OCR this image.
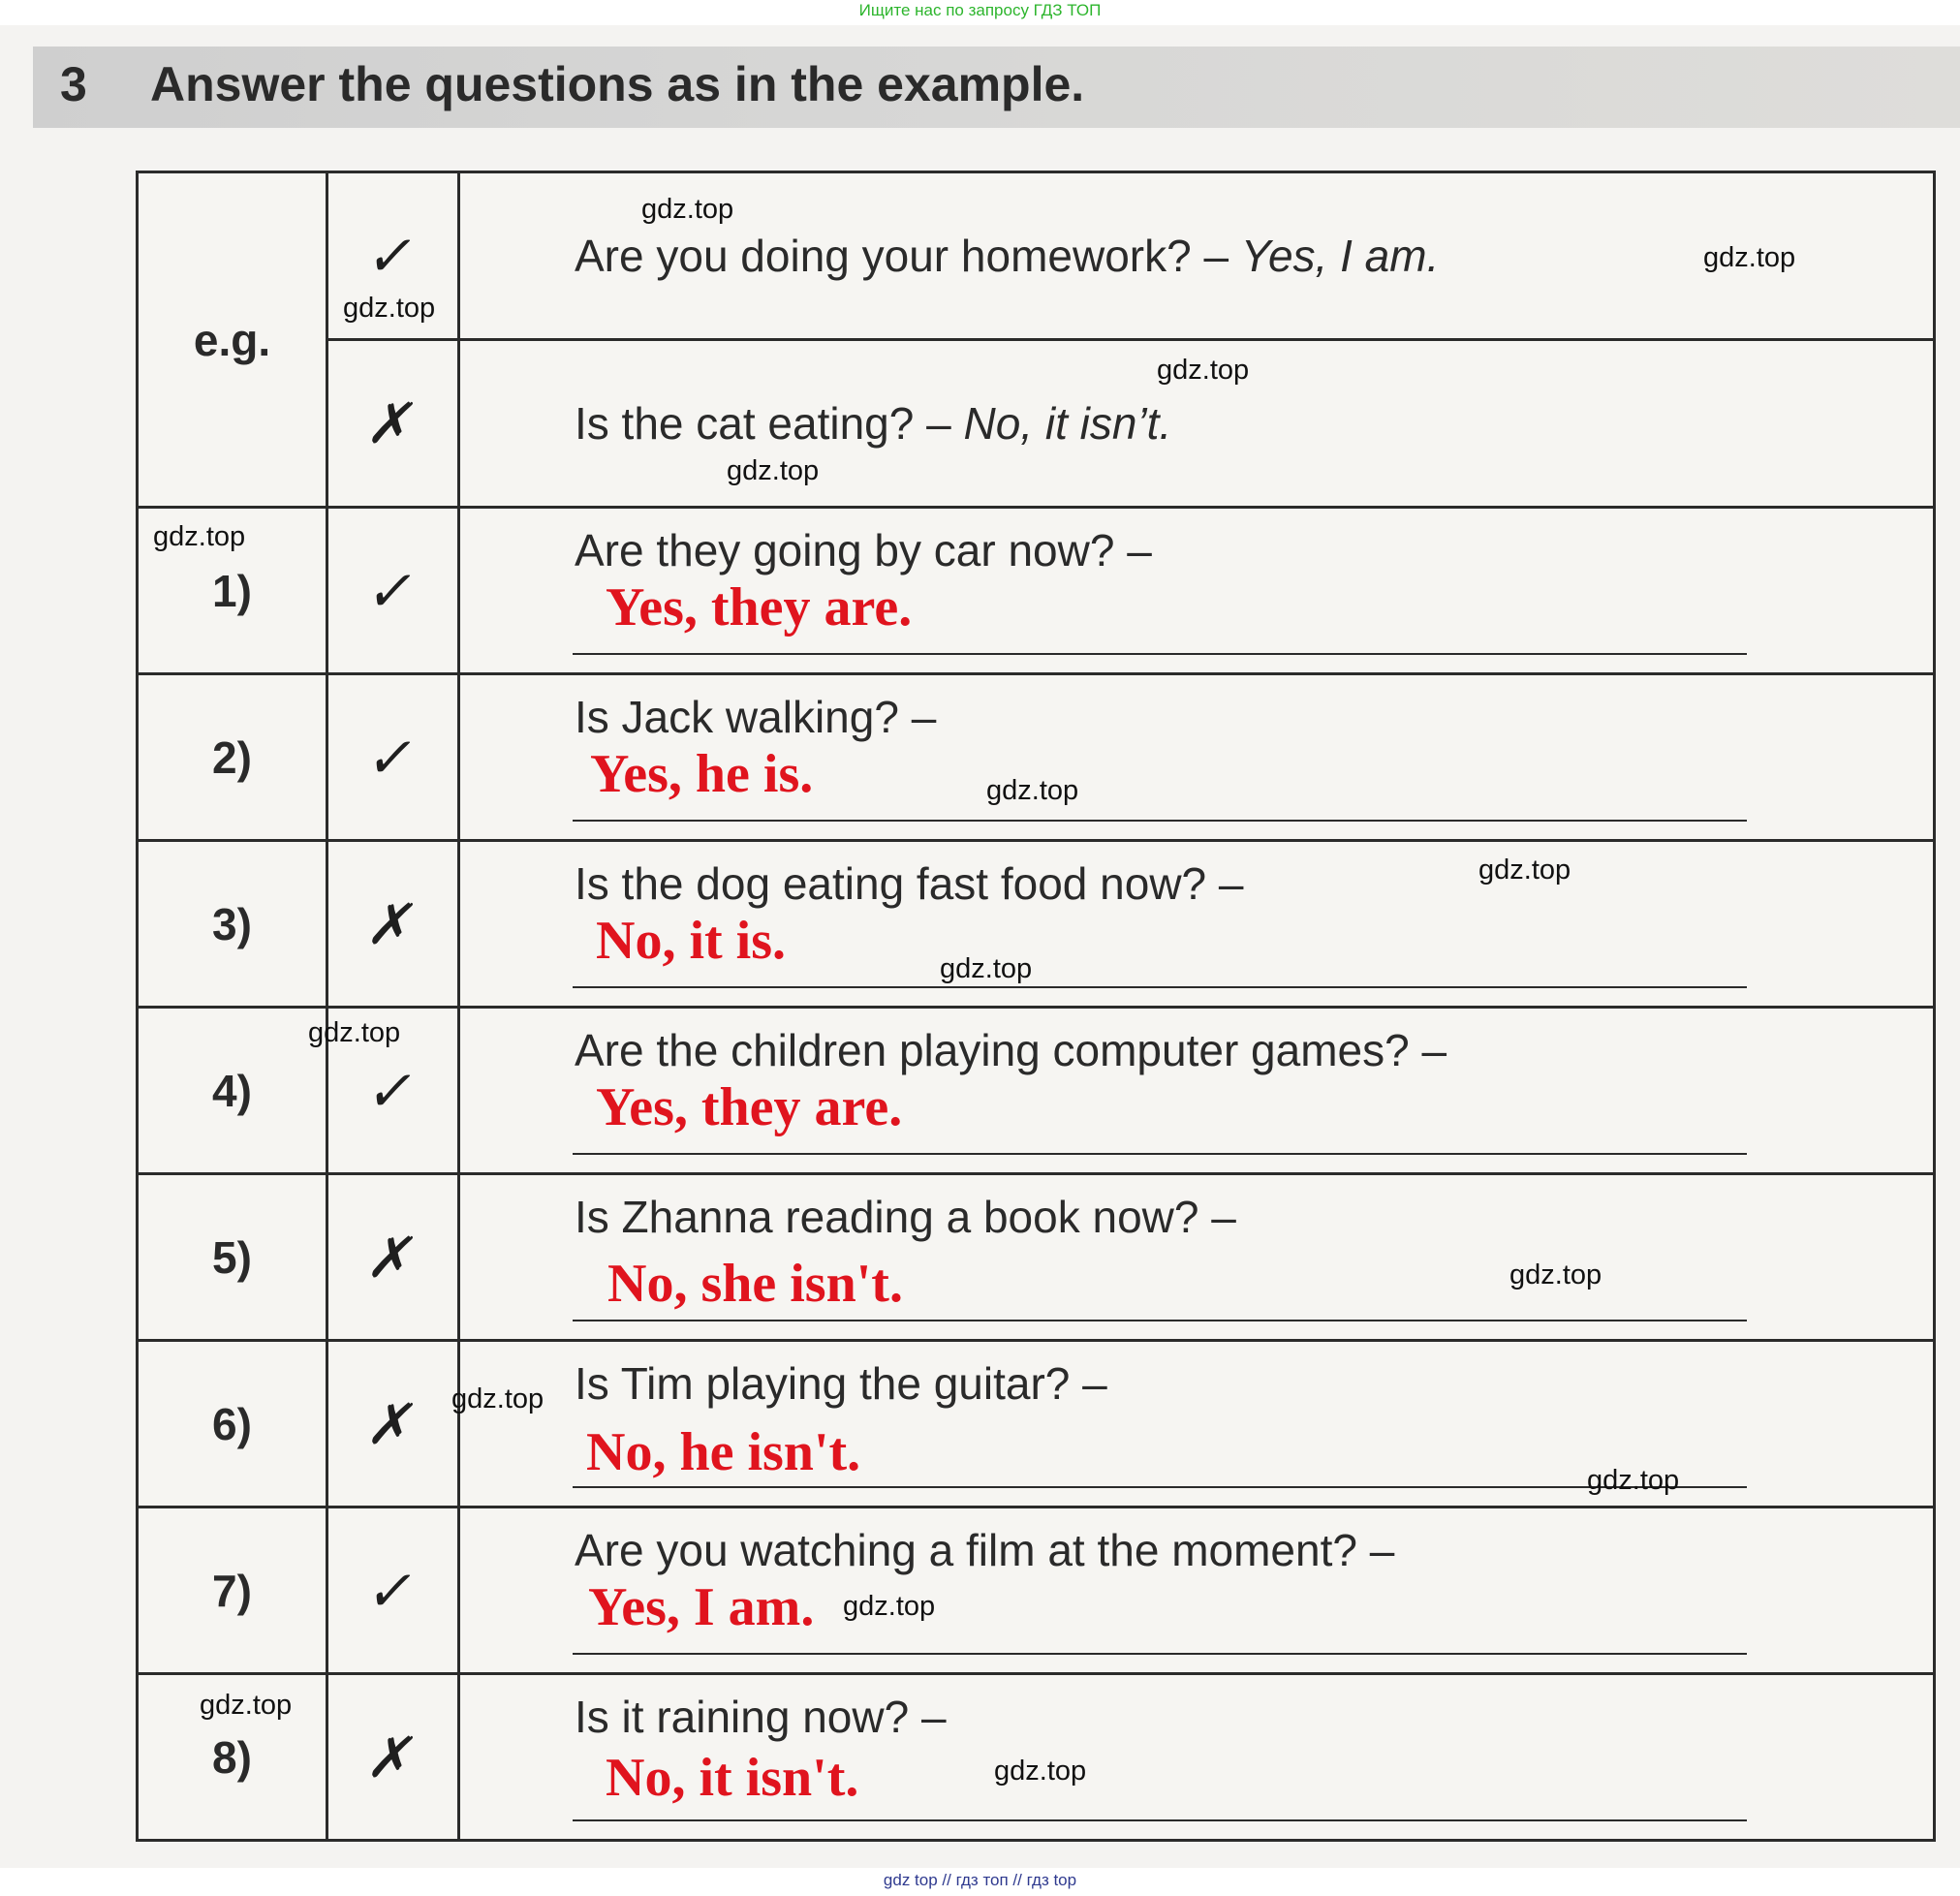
Ищите нас по запросу ГДЗ ТОП
3 Answer the questions as in the example.
e.g.	✓	Are you doing your homework? – Yes, I am.

	✗	Is the cat eating? – No, it isn’t.

1)	✓	Are they going by car now? –
Yes, they are.

2)	✓	Is Jack walking? –
Yes, he is.

3)	✗	Is the dog eating fast food now? –
No, it is.

4)	✓	Are the children playing computer games? –
Yes, they are.

5)	✗	Is Zhanna reading a book now? –
No, she isn't.

6)	✗	Is Tim playing the guitar? –
No, he isn't.

7)	✓	Are you watching a film at the moment? –
Yes, I am.

8)	✗	Is it raining now? –
No, it isn't.
gdz.top
gdz.top
gdz.top
gdz.top
gdz.top
gdz.top
gdz.top
gdz.top
gdz.top
gdz.top
gdz.top
gdz.top
gdz.top
gdz.top
gdz.top
gdz.top
gdz top // гдз топ // гдз top
